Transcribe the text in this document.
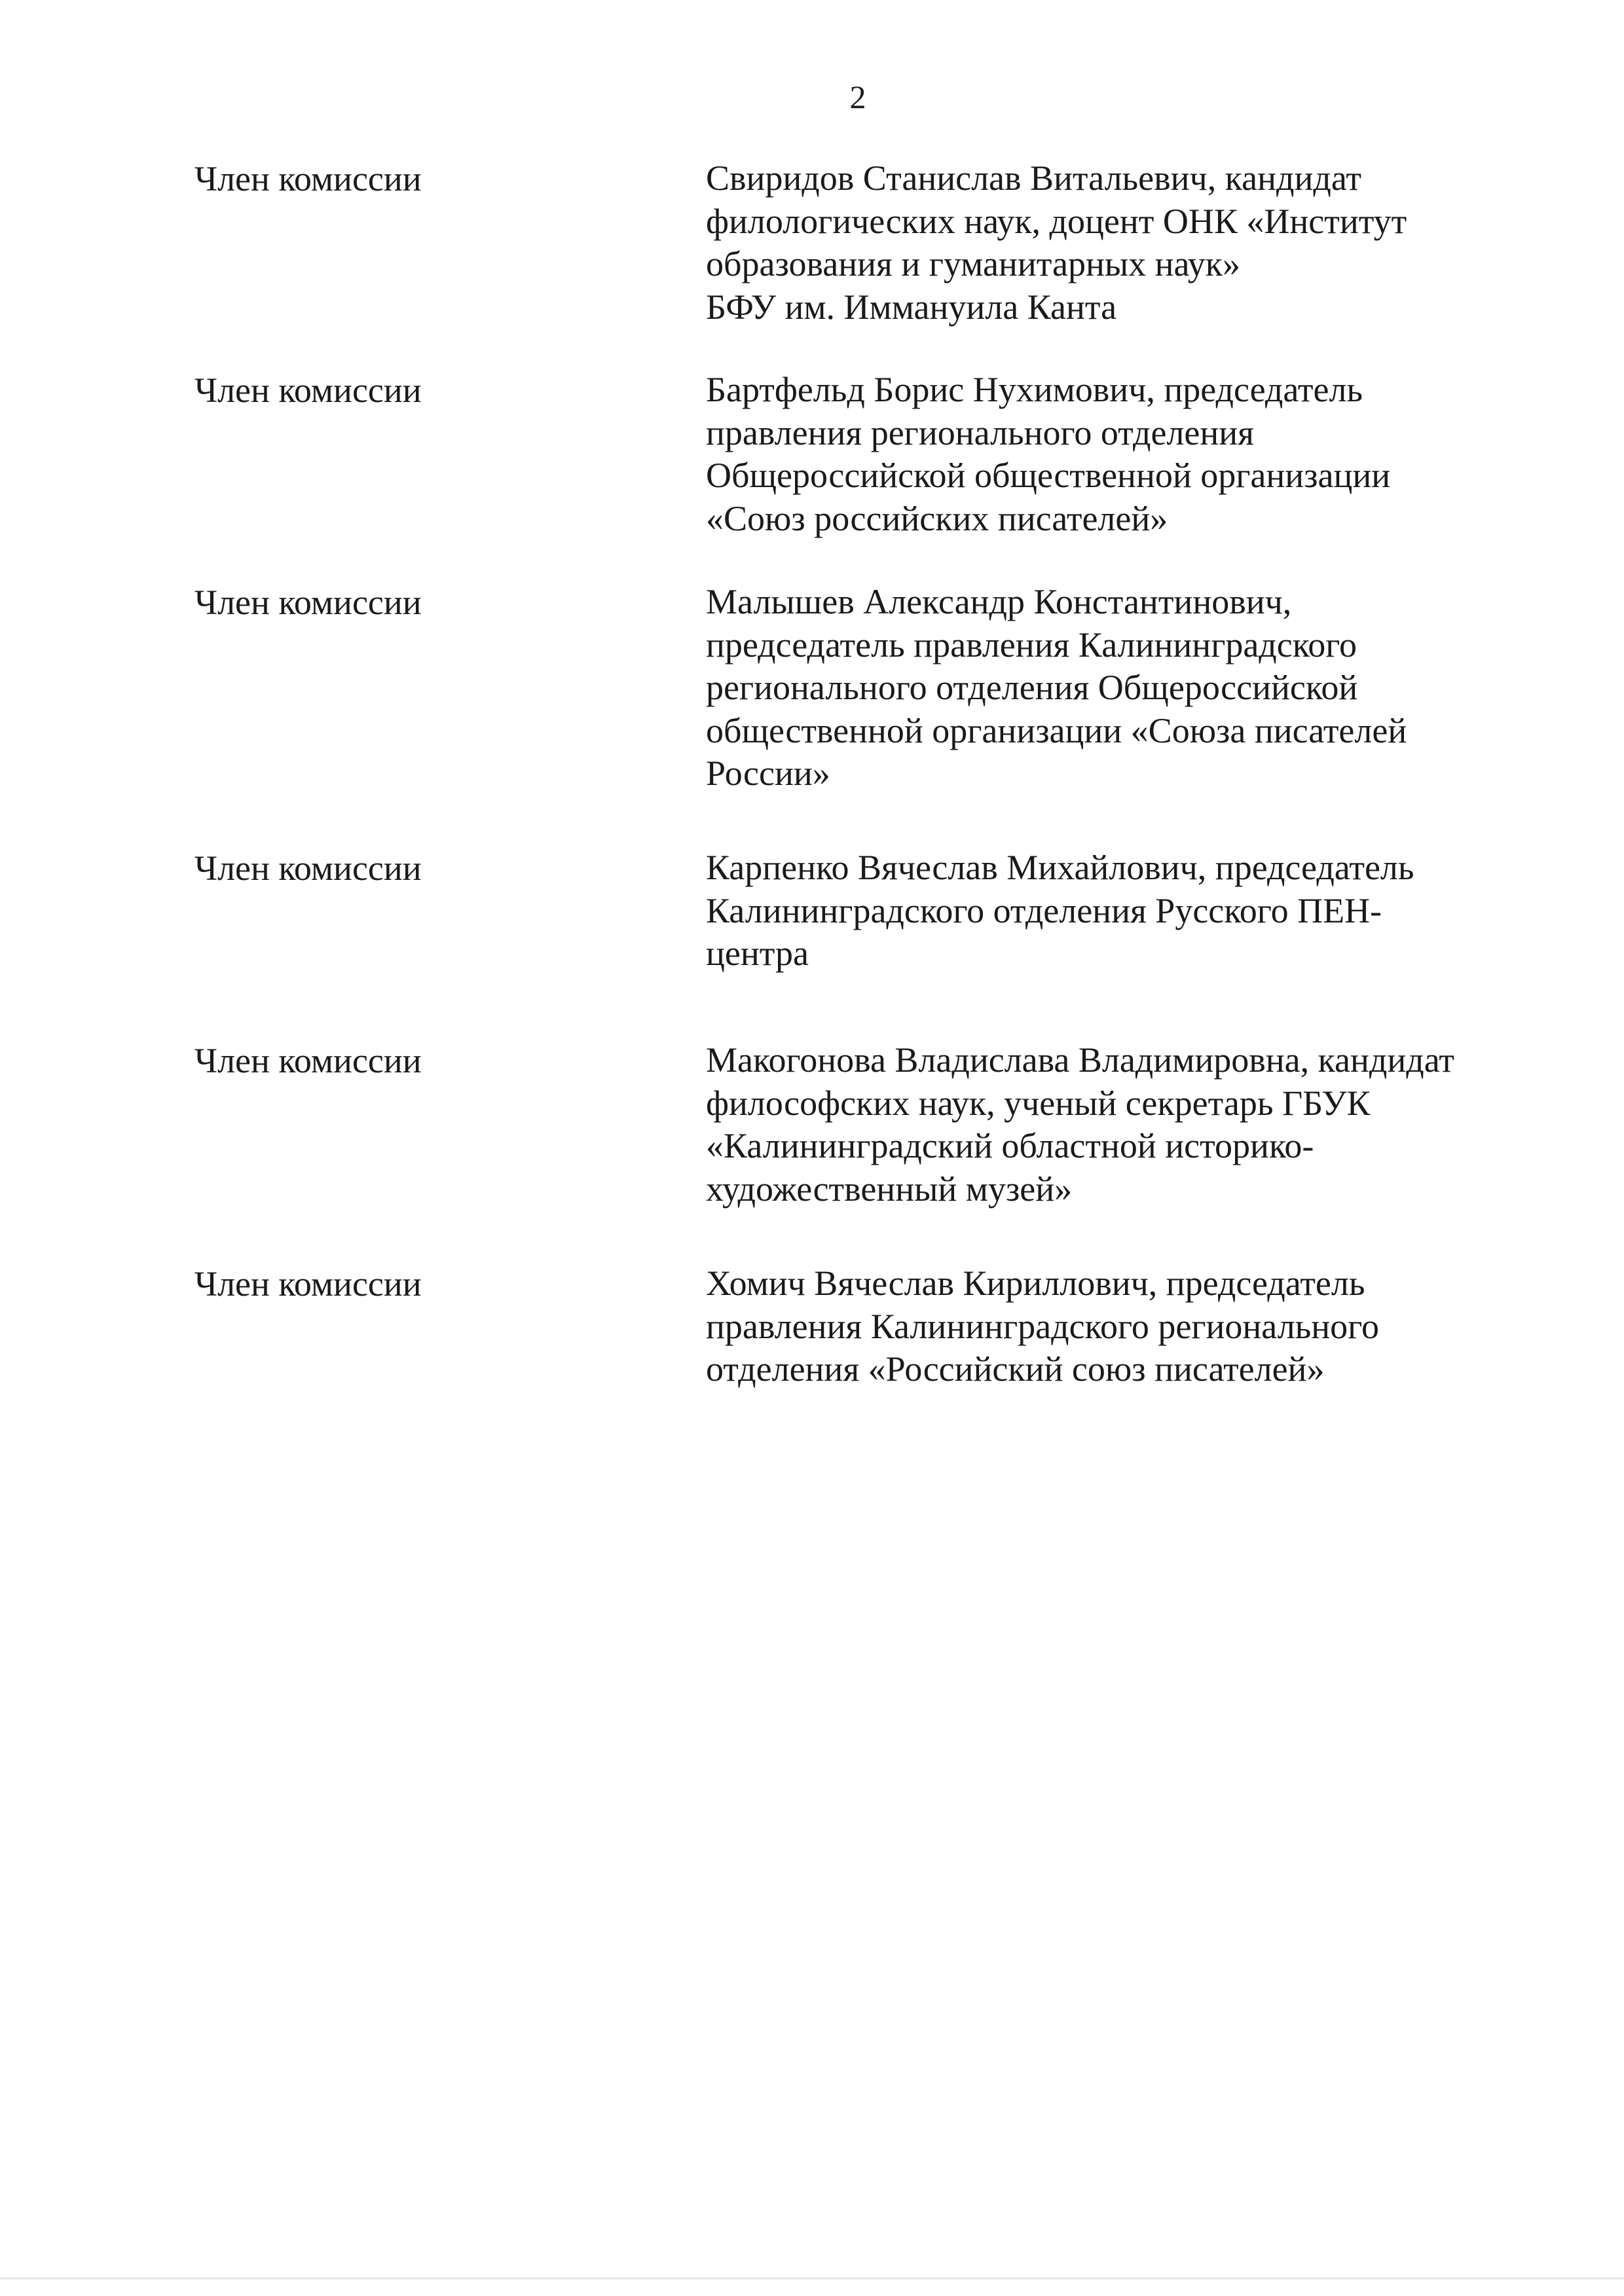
2
Член комиссии	Свиридов Станислав Витальевич, кандидат
филологических наук, доцент ОНК «Институт
образования и гуманитарных наук»
БФУ им. Иммануила Канта
Член комиссии	Бартфельд Борис Нухимович, председатель
правления регионального отделения
Общероссийской общественной организации
«Союз российских писателей»
Член комиссии	Малышев Александр Константинович,
председатель правления Калининградского
регионального отделения Общероссийской
общественной организации «Союза писателей
России»
Член комиссии	Карпенко Вячеслав Михайлович, председатель
Калининградского отделения Русского ПЕН-
центра
Член комиссии	Макогонова Владислава Владимировна, кандидат
философских наук, ученый секретарь ГБУК
«Калининградский областной историко-
художественный музей»
Член комиссии	Хомич Вячеслав Кириллович, председатель
правления Калининградского регионального
отделения «Российский союз писателей»
